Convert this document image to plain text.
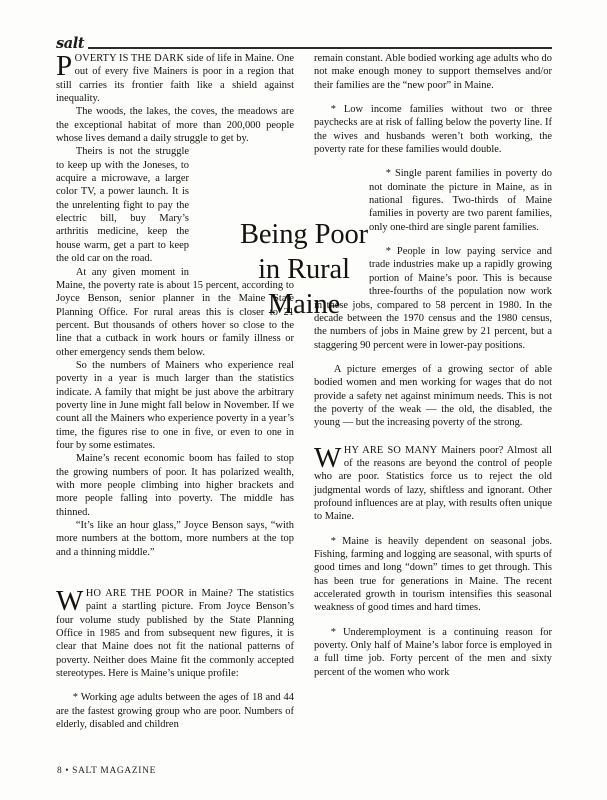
salt
Being Poor
in Rural
Maine

POVERTY IS THE DARK side of life in Maine. One out of every five Mainers is poor in a region that still carries its frontier faith like a shield against inequality.

The woods, the lakes, the coves, the meadows are the exceptional habitat of more than 200,000 people whose lives demand a daily struggle to get by.

Theirs is not the struggle to keep up with the Joneses, to acquire a microwave, a larger color TV, a power launch. It is the unrelenting fight to pay the electric bill, buy Mary’s arthritis medicine, keep the house warm, get a part to keep the old car on the road.

At any given moment in Maine, the poverty rate is about 15 percent, according to Joyce Benson, senior planner in the Maine State Planning Office. For rural areas this is closer to 21 percent. But thousands of others hover so close to the line that a cutback in work hours or family illness or other emergency sends them below.

So the numbers of Mainers who experience real poverty in a year is much larger than the statistics indicate. A family that might be just above the arbitrary poverty line in June might fall below in November. If we count all the Mainers who experience poverty in a year’s time, the figures rise to one in five, or even to one in four by some estimates.

Maine’s recent economic boom has failed to stop the growing numbers of poor. It has polarized wealth, with more people climbing into higher brackets and more people falling into poverty. The middle has thinned.

“It’s like an hour glass,” Joyce Benson says, “with more numbers at the bottom, more numbers at the top and a thinning middle.”

WHO ARE THE POOR in Maine? The statistics paint a startling picture. From Joyce Benson’s four volume study published by the State Planning Office in 1985 and from subsequent new figures, it is clear that Maine does not fit the national patterns of poverty. Neither does Maine fit the commonly accepted stereotypes. Here is Maine’s unique profile:

* Working age adults between the ages of 18 and 44 are the fastest growing group who are poor. Numbers of elderly, disabled and children

remain constant. Able bodied working age adults who do not make enough money to support themselves and/or their families are the “new poor” in Maine.

* Low income families without two or three paychecks are at risk of falling below the poverty line. If the wives and husbands weren’t both working, the poverty rate for these families would double.

* Single parent families in poverty do not dominate the picture in Maine, as in national figures. Two-thirds of Maine families in poverty are two parent families, only one-third are single parent families.

* People in low paying service and trade industries make up a rapidly growing portion of Maine’s poor. This is because three-fourths of the population now work in these jobs, compared to 58 percent in 1980. In the decade between the 1970 census and the 1980 census, the numbers of jobs in Maine grew by 21 percent, but a staggering 90 percent were in lower-pay positions.

A picture emerges of a growing sector of able bodied women and men working for wages that do not provide a safety net against minimum needs. This is not the poverty of the weak — the old, the disabled, the young — but the increasing poverty of the strong.

WHY ARE SO MANY Mainers poor? Almost all of the reasons are beyond the control of people who are poor. Statistics force us to reject the old judgmental words of lazy, shiftless and ignorant. Other profound influences are at play, with results often unique to Maine.

* Maine is heavily dependent on seasonal jobs. Fishing, farming and logging are seasonal, with spurts of good times and long “down” times to get through. This has been true for generations in Maine. The recent accelerated growth in tourism intensifies this seasonal weakness of good times and hard times.

* Underemployment is a continuing reason for poverty. Only half of Maine’s labor force is employed in a full time job. Forty percent of the men and sixty percent of the women who work

8 • SALT MAGAZINE
